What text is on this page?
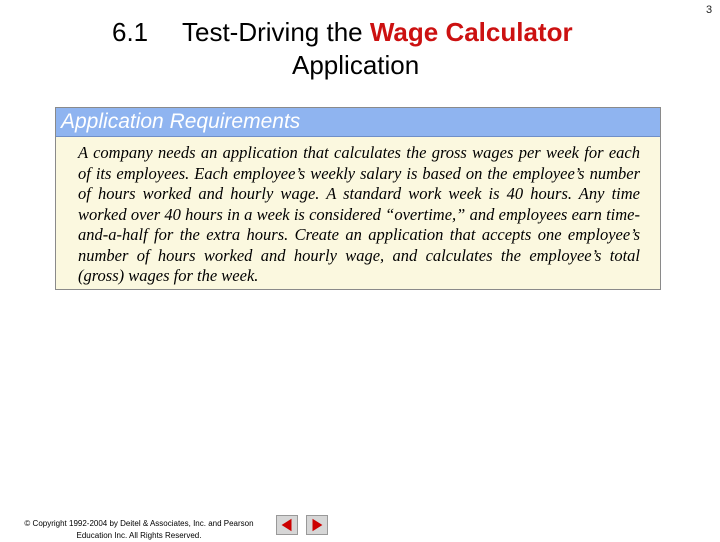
3
6.1 Test-Driving the Wage Calculator
Application
Application Requirements
A company needs an application that calculates the gross wages per week for each of its employees. Each employee’s weekly salary is based on the employee’s number of hours worked and hourly wage. A standard work week is 40 hours. Any time worked over 40 hours in a week is considered “overtime,” and employees earn time-and-a-half for the extra hours. Create an application that accepts one employee’s number of hours worked and hourly wage, and calculates the employee’s total (gross) wages for the week.
© Copyright 1992-2004 by Deitel & Associates, Inc. and Pearson
Education Inc. All Rights Reserved.
